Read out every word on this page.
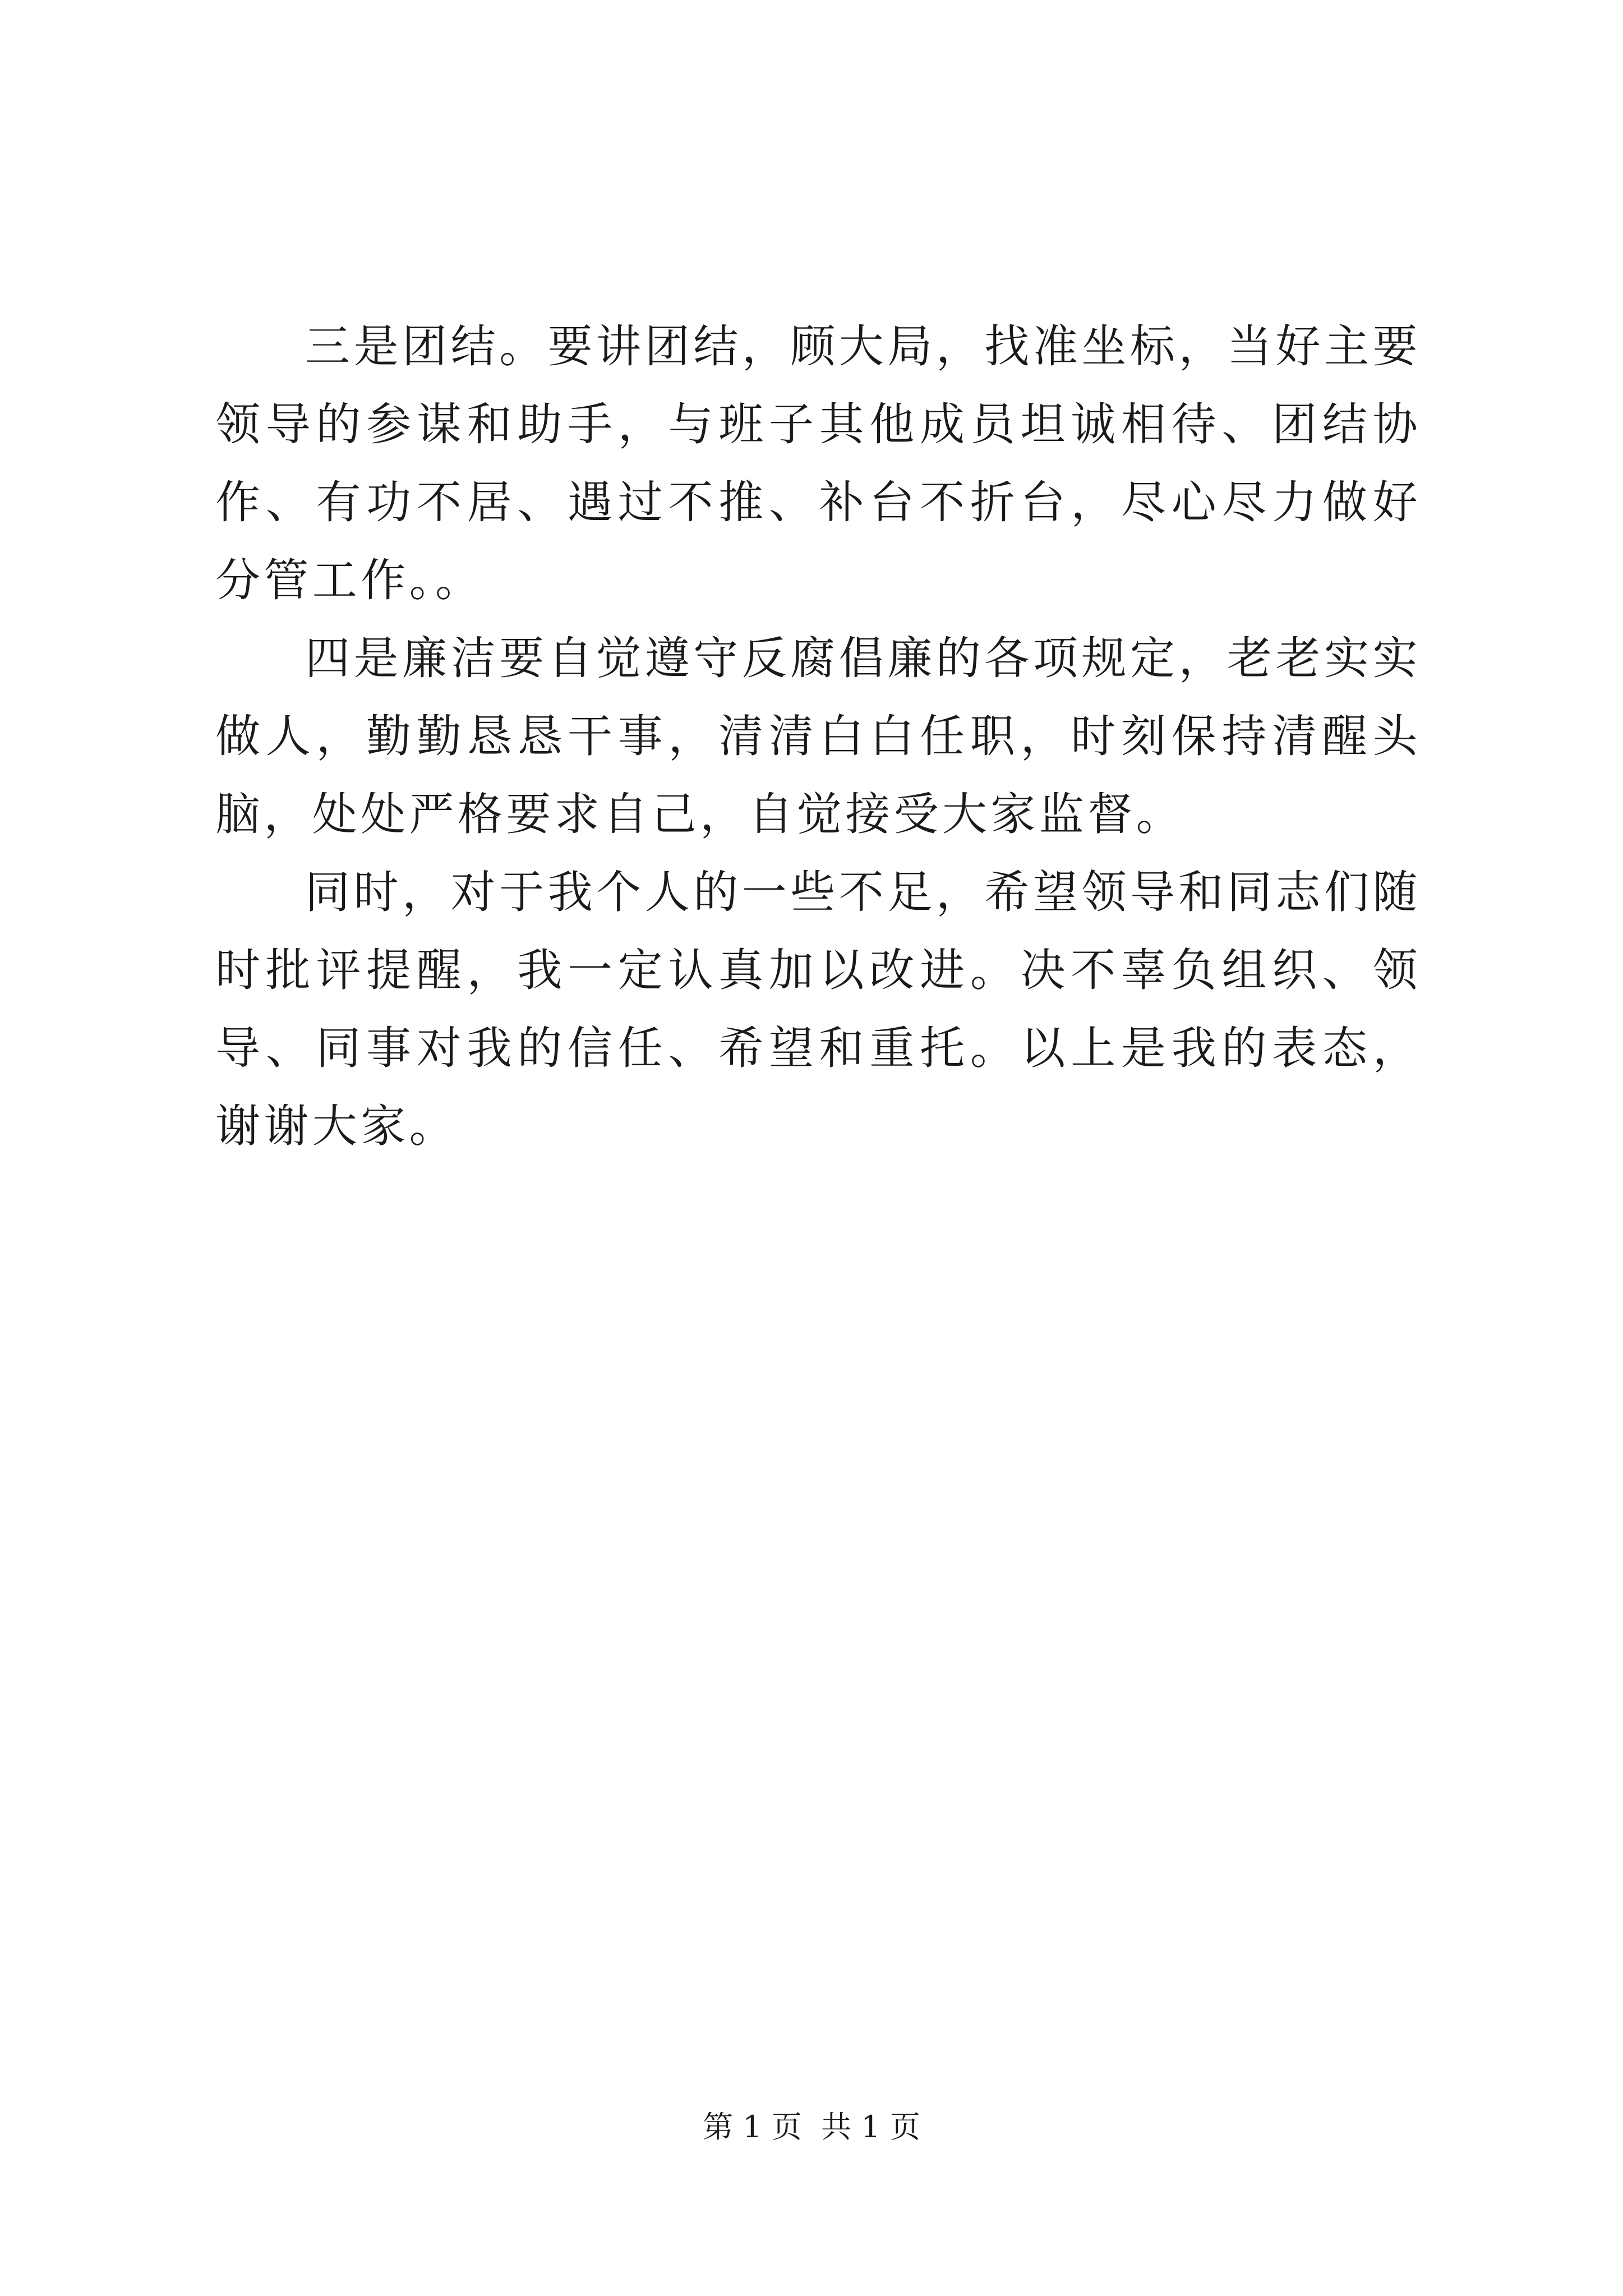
三是团结。要讲团结，顾大局，找准坐标，当好主要领导的参谋和助手，与班子其他成员坦诚相待、团结协作、有功不居、遇过不推、补台不折台，尽心尽力做好分管工作。。

四是廉洁要自觉遵守反腐倡廉的各项规定，老老实实做人，勤勤恳恳干事，清清白白任职，时刻保持清醒头脑，处处严格要求自己，自觉接受大家监督。

同时，对于我个人的一些不足，希望领导和同志们随时批评提醒，我一定认真加以改进。决不辜负组织、领导、同事对我的信任、希望和重托。以上是我的表态，谢谢大家。

第 1 页  共 1 页
